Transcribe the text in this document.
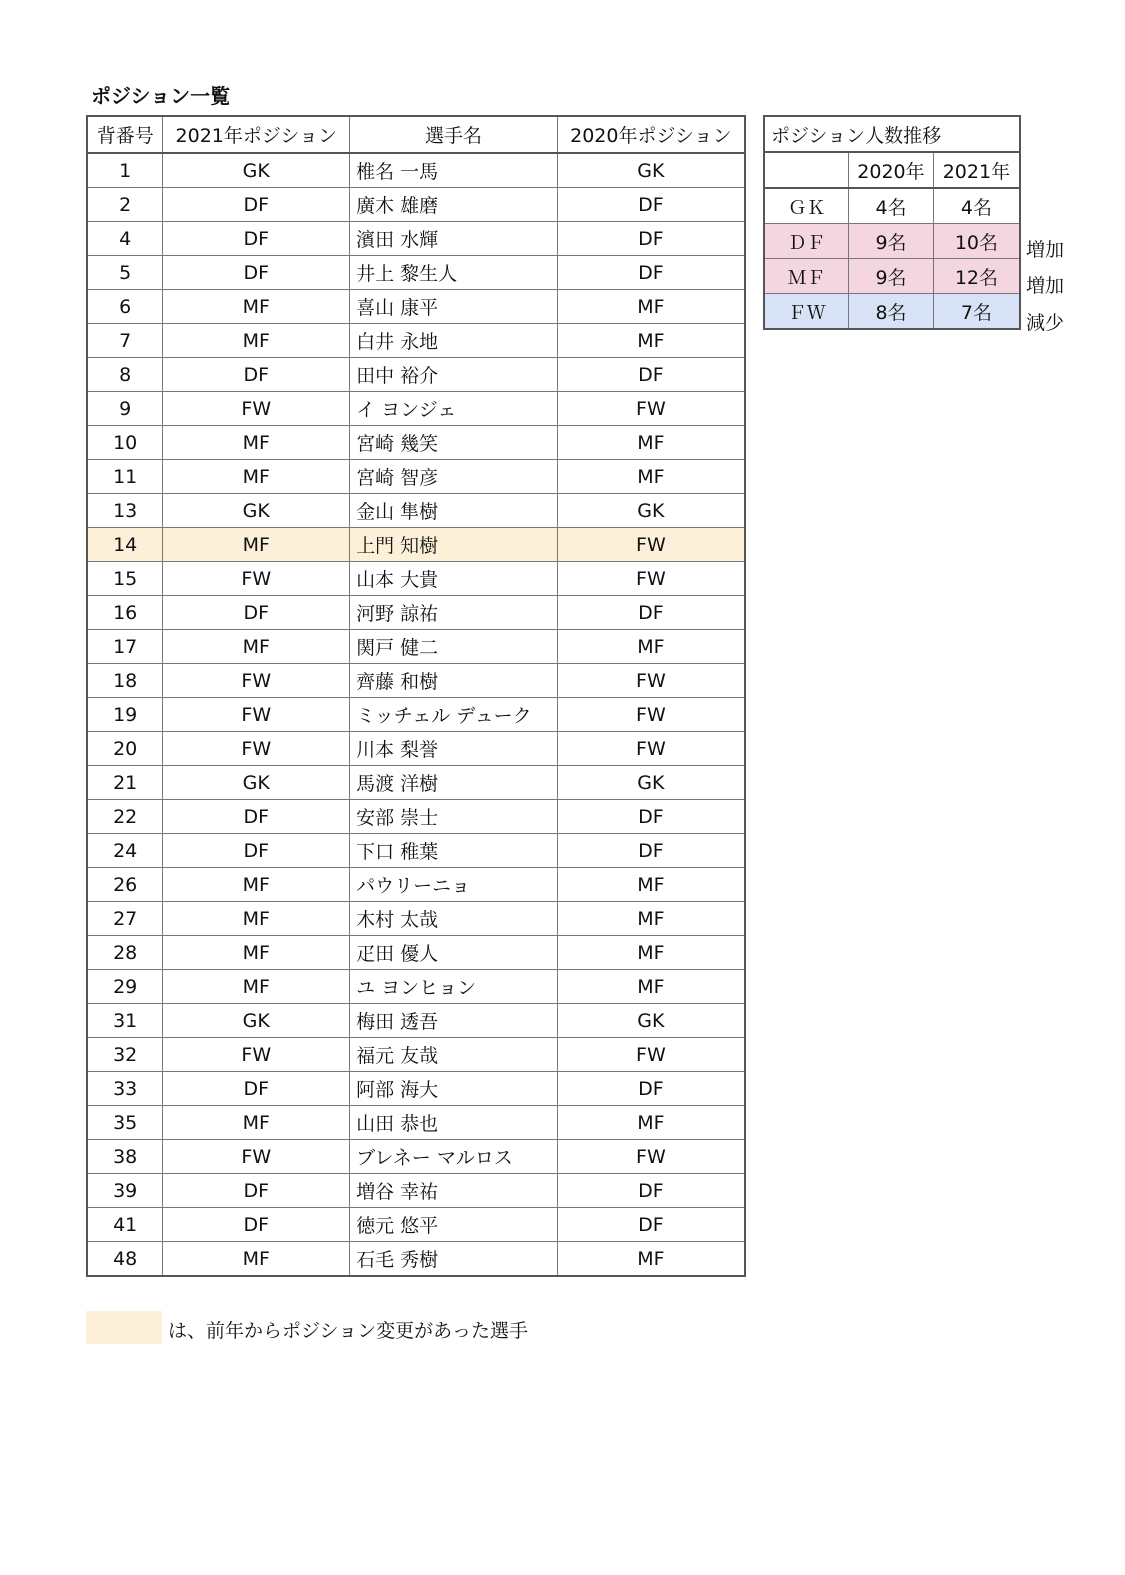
ポジション一覧
背番号	2021年ポジション	選手名	2020年ポジション
1	GK	椎名 一馬	GK
2	DF	廣木 雄磨	DF
4	DF	濱田 水輝	DF
5	DF	井上 黎生人	DF
6	MF	喜山 康平	MF
7	MF	白井 永地	MF
8	DF	田中 裕介	DF
9	FW	イ ヨンジェ	FW
10	MF	宮崎 幾笑	MF
11	MF	宮崎 智彦	MF
13	GK	金山 隼樹	GK
14	MF	上門 知樹	FW
15	FW	山本 大貴	FW
16	DF	河野 諒祐	DF
17	MF	関戸 健二	MF
18	FW	齊藤 和樹	FW
19	FW	ミッチェル デューク	FW
20	FW	川本 梨誉	FW
21	GK	馬渡 洋樹	GK
22	DF	安部 崇士	DF
24	DF	下口 稚葉	DF
26	MF	パウリーニョ	MF
27	MF	木村 太哉	MF
28	MF	疋田 優人	MF
29	MF	ユ ヨンヒョン	MF
31	GK	梅田 透吾	GK
32	FW	福元 友哉	FW
33	DF	阿部 海大	DF
35	MF	山田 恭也	MF
38	FW	ブレネー マルロス	FW
39	DF	増谷 幸祐	DF
41	DF	徳元 悠平	DF
48	MF	石毛 秀樹	MF
ポジション人数推移		
	2020年	2021年
ＧＫ	4名	4名
ＤＦ	9名	10名
ＭＦ	9名	12名
ＦＷ	8名	7名
増加
増加
減少
は、前年からポジション変更があった選手
